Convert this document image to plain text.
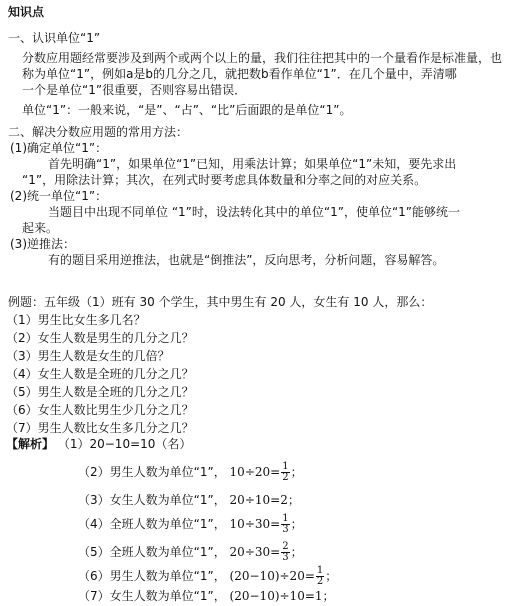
知识点
一、认识单位“1”
分数应用题经常要涉及到两个或两个以上的量，我们往往把其中的一个量看作是标准量，也
称为单位“1”，例如a是b的几分之几，就把数b看作单位“1”．在几个量中，弄清哪
一个是单位“1”很重要，否则容易出错误．
单位“1”：一般来说，“是”、“占”、“比”后面跟的是单位“1”。
二、解决分数应用题的常用方法：
(1)确定单位“1”：
首先明确“1”，如果单位“1”已知，用乘法计算；如果单位“1”未知，要先求出
“1”，用除法计算；其次，在列式时要考虑具体数量和分率之间的对应关系。
(2)统一单位“1”：
当题目中出现不同单位 “1”时，设法转化其中的单位“1”，使单位“1”能够统一
起来。
(3)逆推法：
有的题目采用逆推法，也就是“倒推法”，反向思考，分析问题，容易解答。
例题：五年级（1）班有 30 个学生，其中男生有 20 人，女生有 10 人，那么：
（1）男生比女生多几名？
（2）女生人数是男生的几分之几？
（3）男生人数是女生的几倍？
（4）女生人数是全班的几分之几？
（5）男生人数是全班的几分之几？
（6）女生人数比男生少几分之几？
（7）男生人数比女生多几分之几？
【解析】 （1）20−10=10（名）
（2）男生人数为单位“1”， $10\div 20= \frac{1}{2}$ ；
（3）女生人数为单位“1”， 20÷10=2；
（4）全班人数为单位“1”， $10\div 30= \frac{1}{3}$ ；
（5）全班人数为单位“1”， $20\div 30= \frac{2}{3}$ ；
（6）男生人数为单位“1”， $(20-10)\div 20= \frac{1}{2}$ ；
（7）女生人数为单位“1”， (20−10)÷10=1；
